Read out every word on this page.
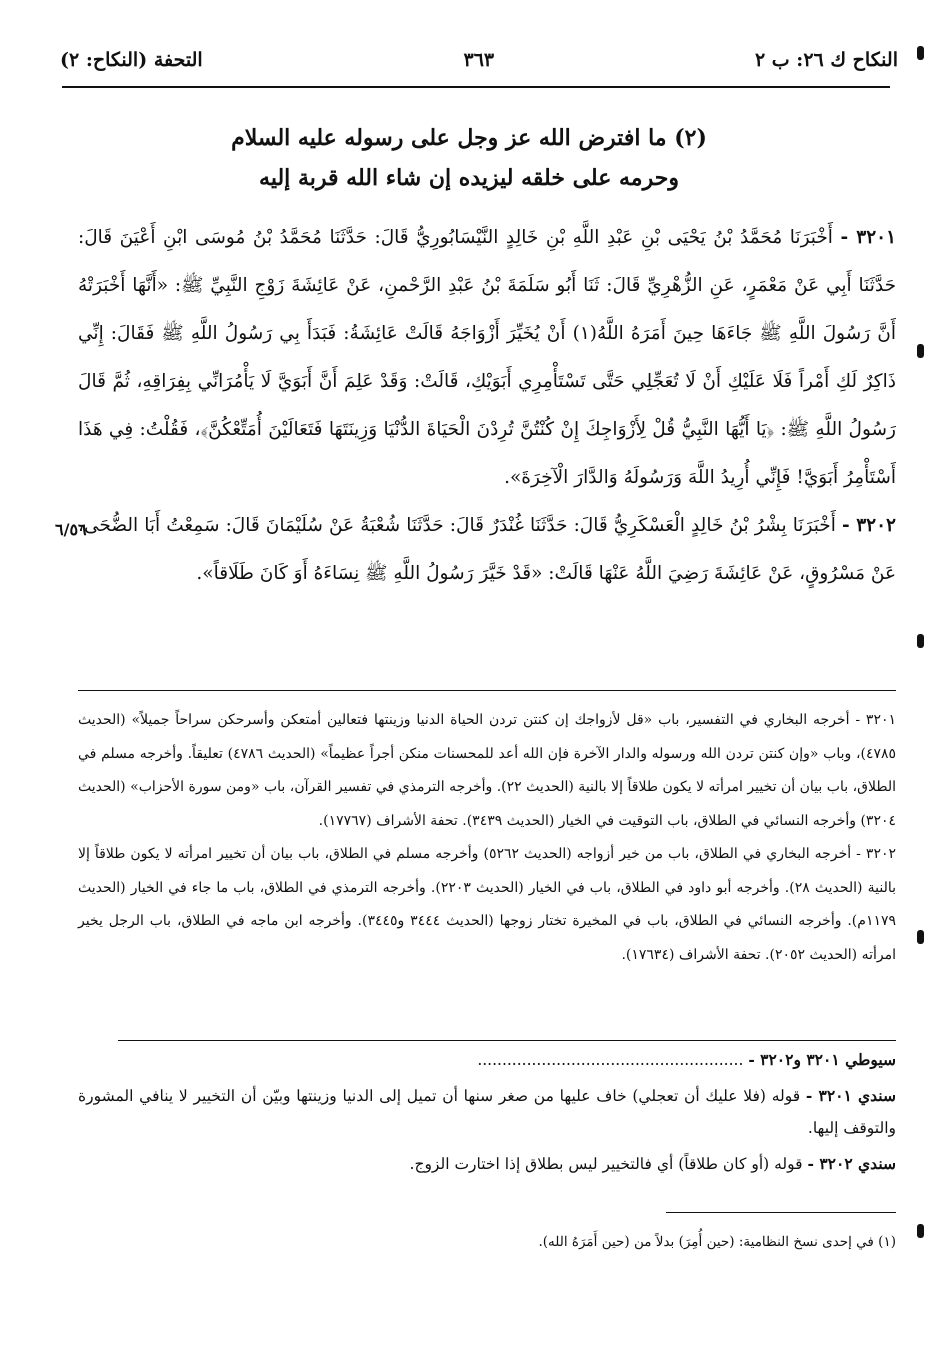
النكاح ك ٢٦: ب ٢
٣٦٣
التحفة (النكاح: ٢)
(٢) ما افترض الله عز وجل على رسوله عليه السلام
وحرمه على خلقه ليزيده إن شاء الله قربة إليه

٣٢٠١ - أَخْبَرَنَا مُحَمَّدُ بْنُ يَحْيَى بْنِ عَبْدِ اللَّهِ بْنِ خَالِدٍ النَّيْسَابُورِيُّ قَالَ: حَدَّثَنَا مُحَمَّدُ بْنُ مُوسَى ابْنِ أَعْيَنَ قَالَ: حَدَّثَنَا أَبِي عَنْ مَعْمَرٍ، عَنِ الزُّهْرِيِّ قَالَ: ثَنَا أَبُو سَلَمَةَ بْنُ عَبْدِ الرَّحْمنِ، عَنْ عَائِشَةَ زَوْجِ النَّبِيِّ ﷺ: «أَنَّهَا أَخْبَرَتْهُ أَنَّ رَسُولَ اللَّهِ ﷺ جَاءَهَا حِينَ أَمَرَهُ اللَّهُ(١) أَنْ يُخَيِّرَ أَزْوَاجَهُ قَالَتْ عَائِشَةُ: فَبَدَأَ بِي رَسُولُ اللَّهِ ﷺ فَقَالَ: إِنِّي ذَاكِرٌ لَكِ أَمْراً فَلَا عَلَيْكِ أَنْ لَا تُعَجِّلِي حَتَّى تَسْتَأْمِرِي أَبَوَيْكِ، قَالَتْ: وَقَدْ عَلِمَ أَنَّ أَبَوَيَّ لَا يَأْمُرَانِّي بِفِرَاقِهِ، ثُمَّ قَالَ رَسُولُ اللَّهِ ﷺ: ﴿يَا أَيُّهَا النَّبِيُّ قُلْ لِأَزْوَاجِكَ إِنْ كُنْتُنَّ تُرِدْنَ الْحَيَاةَ الدُّنْيَا وَزِينَتَهَا فَتَعَالَيْنَ أُمَتِّعْكُنَّ﴾، فَقُلْتُ: فِي هَذَا أَسْتَأْمِرُ أَبَوَيَّ! فَإِنِّي أُرِيدُ اللَّهَ وَرَسُولَهُ وَالدَّارَ الْآخِرَةَ».

٣٢٠٢ - أَخْبَرَنَا بِشْرُ بْنُ خَالِدٍ الْعَسْكَرِيُّ قَالَ: حَدَّثَنَا غُنْدَرٌ قَالَ: حَدَّثَنَا شُعْبَةُ عَنْ سُلَيْمَانَ قَالَ: سَمِعْتُ أَبَا الضُّحَى، عَنْ مَسْرُوقٍ، عَنْ عَائِشَةَ رَضِيَ اللَّهُ عَنْهَا قَالَتْ: «قَدْ خَيَّرَ رَسُولُ اللَّهِ ﷺ نِسَاءَهُ أَوَ كَانَ طَلَاقاً».

٦/٥٦

٣٢٠١ - أخرجه البخاري في التفسير، باب «قل لأزواجك إن كنتن تردن الحياة الدنيا وزينتها فتعالين أمتعكن وأسرحكن سراحاً جميلاً» (الحديث ٤٧٨٥)، وباب «وإن كنتن تردن الله ورسوله والدار الآخرة فإن الله أعد للمحسنات منكن أجراً عظيماً» (الحديث ٤٧٨٦) تعليقاً. وأخرجه مسلم في الطلاق، باب بيان أن تخيير امرأته لا يكون طلاقاً إلا بالنية (الحديث ٢٢). وأخرجه الترمذي في تفسير القرآن، باب «ومن سورة الأحزاب» (الحديث ٣٢٠٤) وأخرجه النسائي في الطلاق، باب التوقيت في الخيار (الحديث ٣٤٣٩). تحفة الأشراف (١٧٧٦٧).

٣٢٠٢ - أخرجه البخاري في الطلاق، باب من خير أزواجه (الحديث ٥٢٦٢) وأخرجه مسلم في الطلاق، باب بيان أن تخيير امرأته لا يكون طلاقاً إلا بالنية (الحديث ٢٨). وأخرجه أبو داود في الطلاق، باب في الخيار (الحديث ٢٢٠٣). وأخرجه الترمذي في الطلاق، باب ما جاء في الخيار (الحديث ١١٧٩م). وأخرجه النسائي في الطلاق، باب في المخيرة تختار زوجها (الحديث ٣٤٤٤ و٣٤٤٥). وأخرجه ابن ماجه في الطلاق، باب الرجل يخير امرأته (الحديث ٢٠٥٢). تحفة الأشراف (١٧٦٣٤).

سيوطي ٣٢٠١ و٣٢٠٢ - ......................................................

سندي ٣٢٠١ - قوله (فلا عليك أن تعجلي) خاف عليها من صغر سنها أن تميل إلى الدنيا وزينتها وبيّن أن التخيير لا ينافي المشورة والتوقف إليها.

سندي ٣٢٠٢ - قوله (أو كان طلاقاً) أي فالتخيير ليس بطلاق إذا اختارت الزوج.

(١) في إحدى نسخ النظامية: (حين أُمِرَ) بدلاً من (حين أَمَرَهُ الله).
